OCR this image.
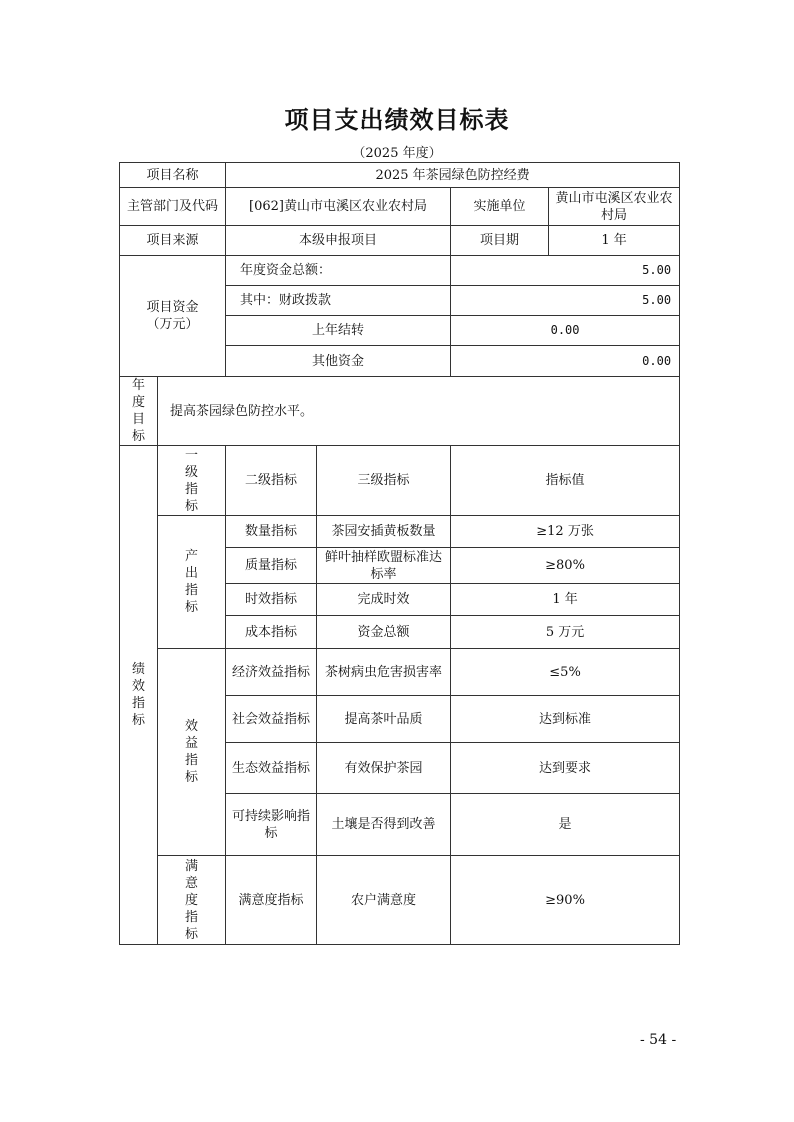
项目支出绩效目标表
（2025 年度）
项目名称		2025 年茶园绿色防控经费			
主管部门及代码		[062]黄山市屯溪区农业农村局		实施单位	黄山市屯溪区农业农村局
项目来源		本级申报项目		项目期	1 年
项目资金（万元）		年度资金总额：		5.00	
		其中：财政拨款		5.00	
		上年结转		0.00	
		其他资金		0.00	
年度目标	提高茶园绿色防控水平。				
绩效指标	一级指标	二级指标	三级指标	指标值	
	产出指标	数量指标	茶园安插黄板数量	≥12 万张	
		质量指标	鲜叶抽样欧盟标准达标率	≥80%	
		时效指标	完成时效	1 年	
		成本指标	资金总额	5 万元	
	效益指标	经济效益指标	茶树病虫危害损害率	≤5%	
		社会效益指标	提高茶叶品质	达到标准	
		生态效益指标	有效保护茶园	达到要求	
		可持续影响指标	土壤是否得到改善	是	
	满意度指标	满意度指标	农户满意度	≥90%	
- 54 -
